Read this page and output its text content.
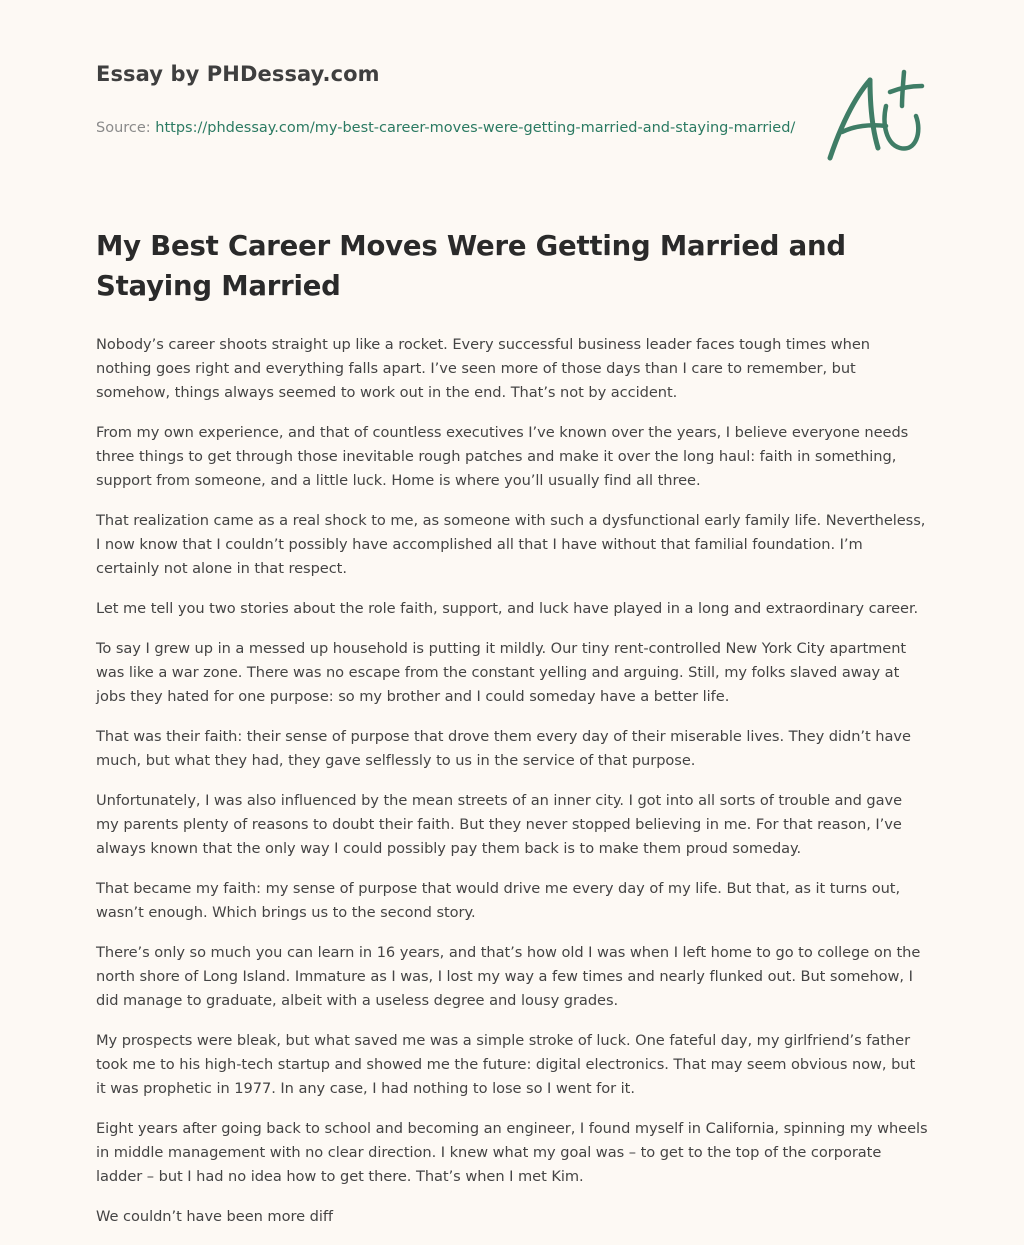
Essay by PHDessay.com
Source: https://phdessay.com/my-best-career-moves-were-getting-married-and-staying-married/
My Best Career Moves Were Getting Married and Staying Married

Nobody’s career shoots straight up like a rocket. Every successful business leader faces tough times when nothing goes right and everything falls apart. I’ve seen more of those days than I care to remember, but somehow, things always seemed to work out in the end. That’s not by accident.

From my own experience, and that of countless executives I’ve known over the years, I believe everyone needs three things to get through those inevitable rough patches and make it over the long haul: faith in something, support from someone, and a little luck. Home is where you’ll usually find all three.

That realization came as a real shock to me, as someone with such a dysfunctional early family life. Nevertheless, I now know that I couldn’t possibly have accomplished all that I have without that familial foundation. I’m certainly not alone in that respect.

Let me tell you two stories about the role faith, support, and luck have played in a long and extraordinary career.

To say I grew up in a messed up household is putting it mildly. Our tiny rent-controlled New York City apartment was like a war zone. There was no escape from the constant yelling and arguing. Still, my folks slaved away at jobs they hated for one purpose: so my brother and I could someday have a better life.

That was their faith: their sense of purpose that drove them every day of their miserable lives. They didn’t have much, but what they had, they gave selflessly to us in the service of that purpose.

Unfortunately, I was also influenced by the mean streets of an inner city. I got into all sorts of trouble and gave my parents plenty of reasons to doubt their faith. But they never stopped believing in me. For that reason, I’ve always known that the only way I could possibly pay them back is to make them proud someday.

That became my faith: my sense of purpose that would drive me every day of my life. But that, as it turns out, wasn’t enough. Which brings us to the second story.

There’s only so much you can learn in 16 years, and that’s how old I was when I left home to go to college on the north shore of Long Island. Immature as I was, I lost my way a few times and nearly flunked out. But somehow, I did manage to graduate, albeit with a useless degree and lousy grades.

My prospects were bleak, but what saved me was a simple stroke of luck. One fateful day, my girlfriend’s father took me to his high-tech startup and showed me the future: digital electronics. That may seem obvious now, but it was prophetic in 1977. In any case, I had nothing to lose so I went for it.

Eight years after going back to school and becoming an engineer, I found myself in California, spinning my wheels in middle management with no clear direction. I knew what my goal was – to get to the top of the corporate ladder – but I had no idea how to get there. That’s when I met Kim.

We couldn’t have been more diff
